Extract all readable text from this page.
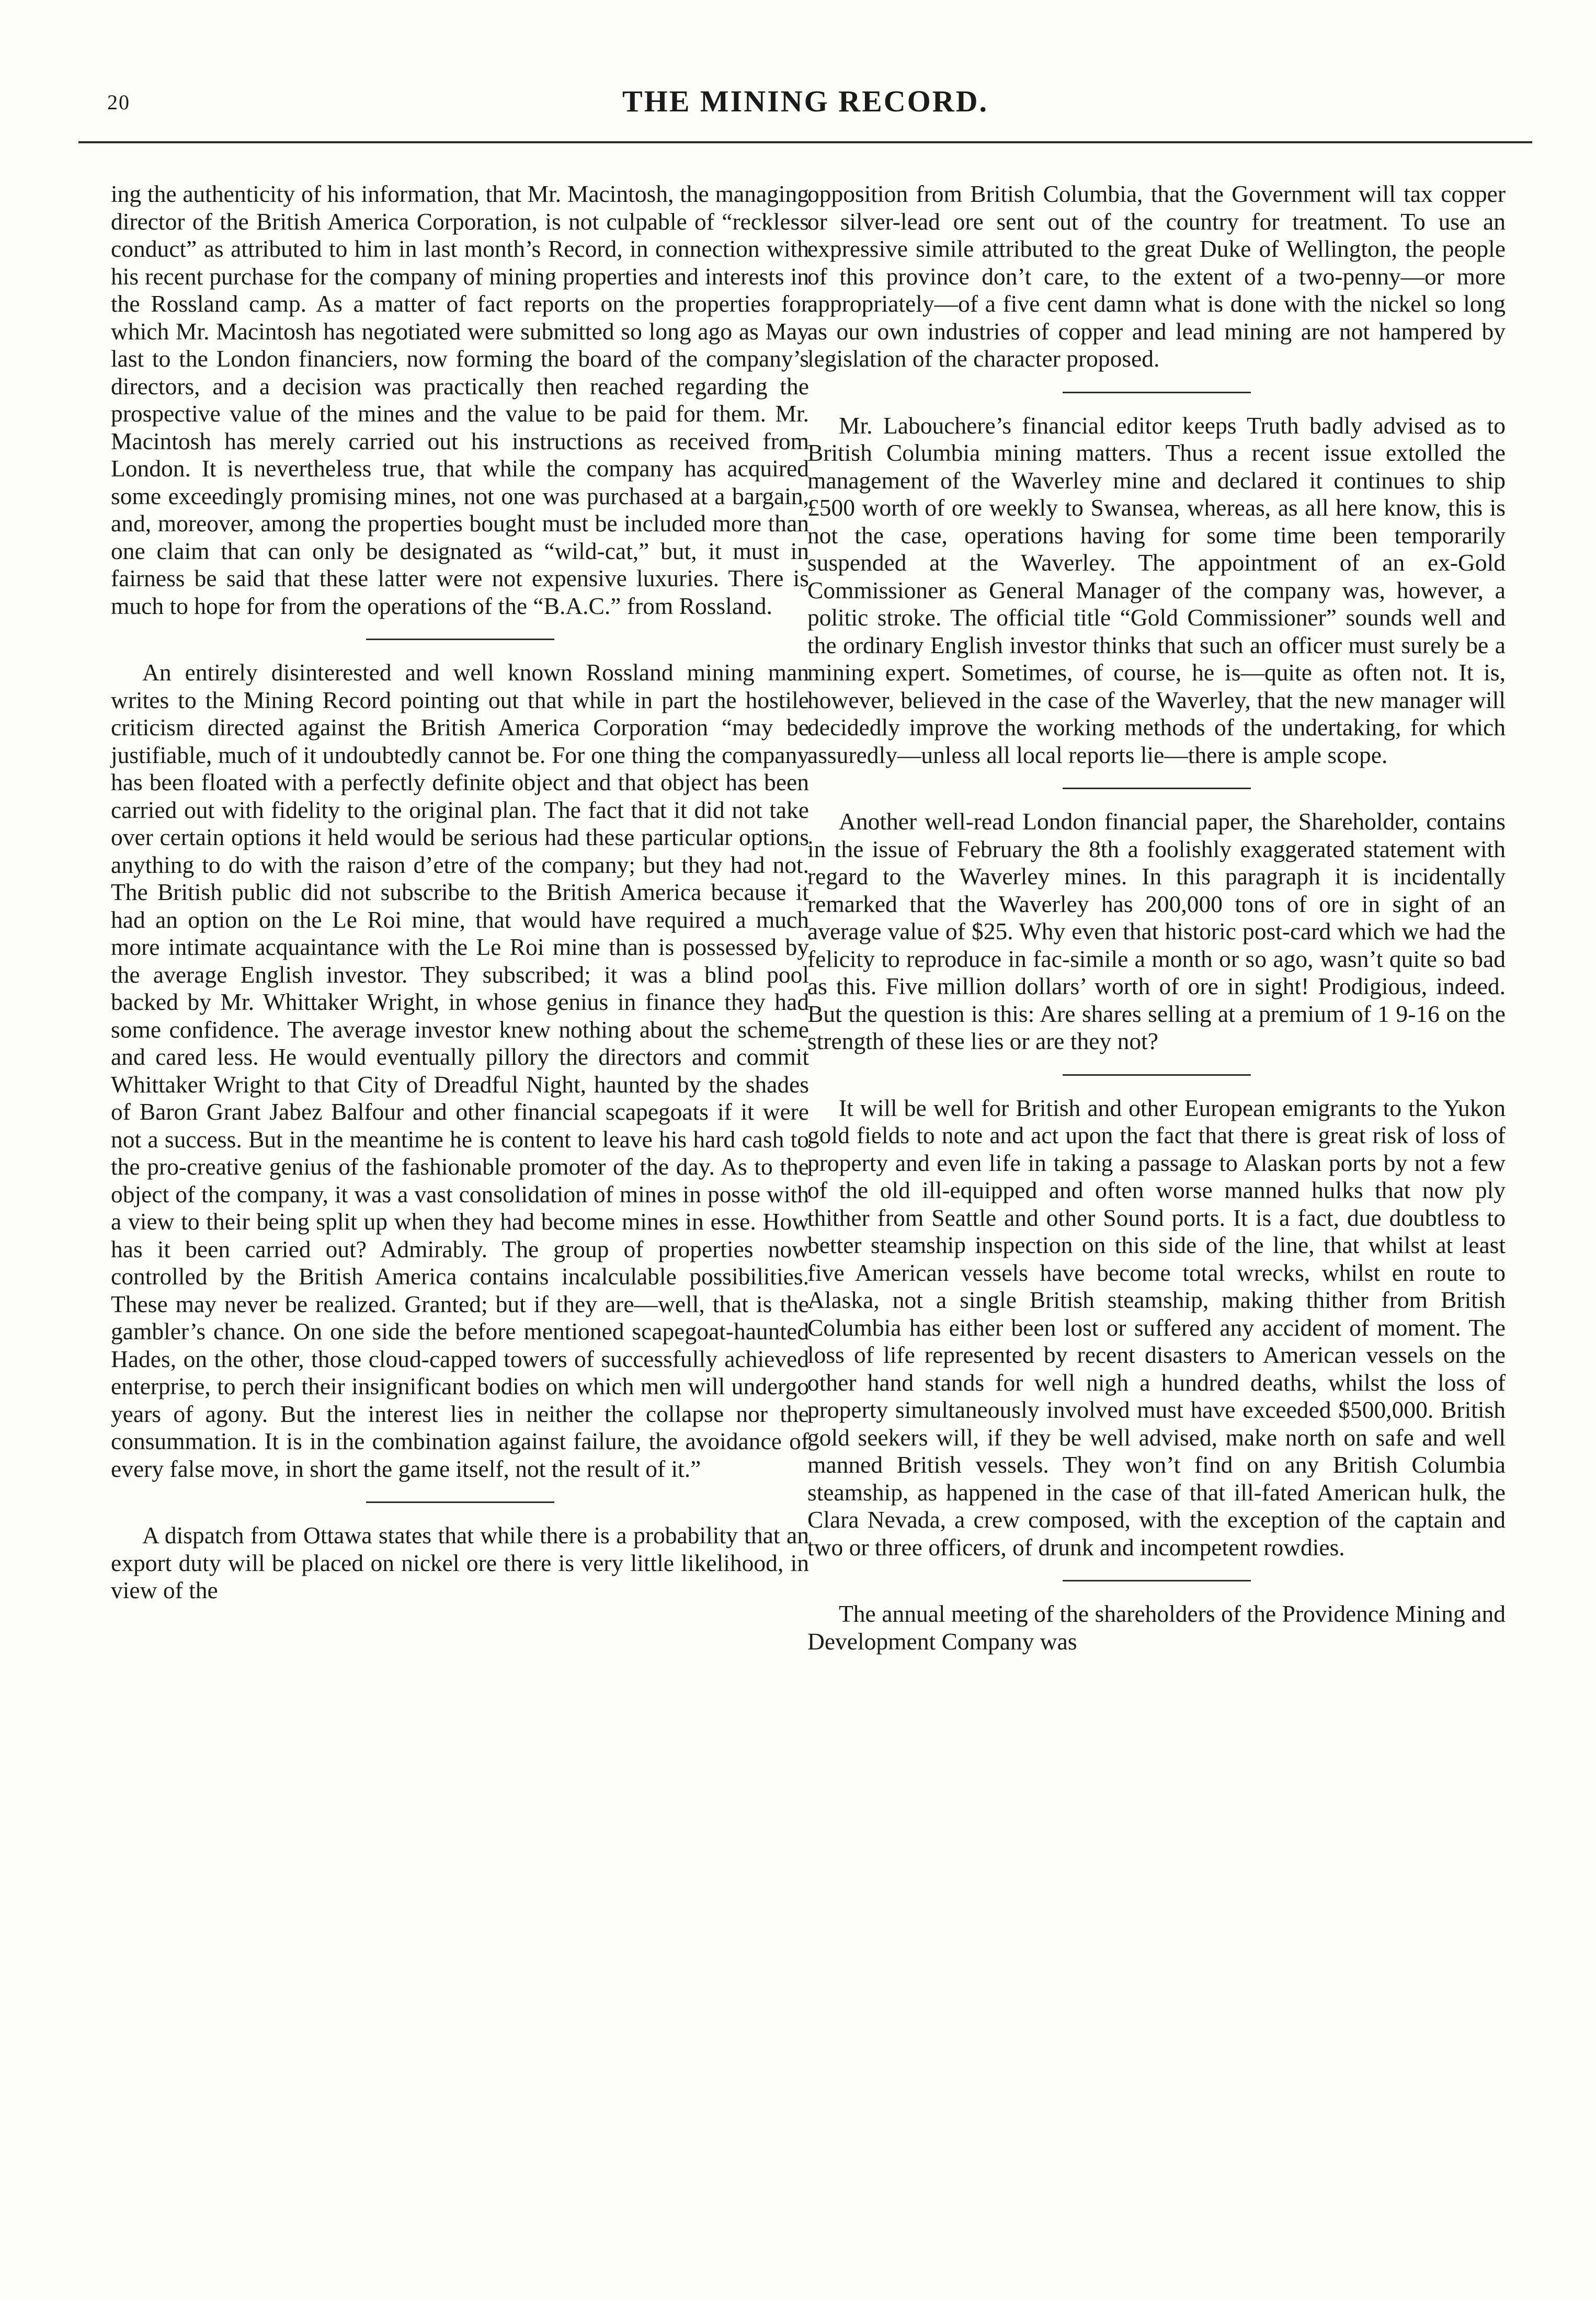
20	THE MINING RECORD.

ing the authenticity of his information, that Mr. Macintosh, the managing director of the British America Corporation, is not culpable of “reckless conduct” as attributed to him in last month’s Record, in connection with his recent purchase for the company of mining properties and interests in the Rossland camp. As a matter of fact reports on the properties for which Mr. Macintosh has negotiated were submitted so long ago as May last to the London financiers, now forming the board of the company’s directors, and a decision was practically then reached regarding the prospective value of the mines and the value to be paid for them. Mr. Macintosh has merely carried out his instructions as received from London. It is nevertheless true, that while the company has acquired some exceedingly promising mines, not one was purchased at a bargain, and, moreover, among the properties bought must be included more than one claim that can only be designated as “wild-cat,” but, it must in fairness be said that these latter were not expensive luxuries. There is much to hope for from the operations of the “B.A.C.” from Rossland.

An entirely disinterested and well known Rossland mining man writes to the Mining Record pointing out that while in part the hostile criticism directed against the British America Corporation “may be justifiable, much of it undoubtedly cannot be. For one thing the company has been floated with a perfectly definite object and that object has been carried out with fidelity to the original plan. The fact that it did not take over certain options it held would be serious had these particular options anything to do with the raison d’etre of the company; but they had not. The British public did not subscribe to the British America because it had an option on the Le Roi mine, that would have required a much more intimate acquaintance with the Le Roi mine than is possessed by the average English investor. They subscribed; it was a blind pool backed by Mr. Whittaker Wright, in whose genius in finance they had some confidence. The average investor knew nothing about the scheme and cared less. He would eventually pillory the directors and commit Whittaker Wright to that City of Dreadful Night, haunted by the shades of Baron Grant Jabez Balfour and other financial scapegoats if it were not a success. But in the meantime he is content to leave his hard cash to the pro-creative genius of the fashionable promoter of the day. As to the object of the company, it was a vast consolidation of mines in posse with a view to their being split up when they had become mines in esse. How has it been carried out? Admirably. The group of properties now controlled by the British America contains incalculable possibilities. These may never be realized. Granted; but if they are—well, that is the gambler’s chance. On one side the before mentioned scapegoat-haunted Hades, on the other, those cloud-capped towers of successfully achieved enterprise, to perch their insignificant bodies on which men will undergo years of agony. But the interest lies in neither the collapse nor the consummation. It is in the combination against failure, the avoidance of every false move, in short the game itself, not the result of it.”

A dispatch from Ottawa states that while there is a probability that an export duty will be placed on nickel ore there is very little likelihood, in view of the

opposition from British Columbia, that the Government will tax copper or silver-lead ore sent out of the country for treatment. To use an expressive simile attributed to the great Duke of Wellington, the people of this province don’t care, to the extent of a two-penny—or more appropriately—of a five cent damn what is done with the nickel so long as our own industries of copper and lead mining are not hampered by legislation of the character proposed.

Mr. Labouchere’s financial editor keeps Truth badly advised as to British Columbia mining matters. Thus a recent issue extolled the management of the Waverley mine and declared it continues to ship £500 worth of ore weekly to Swansea, whereas, as all here know, this is not the case, operations having for some time been temporarily suspended at the Waverley. The appointment of an ex-Gold Commissioner as General Manager of the company was, however, a politic stroke. The official title “Gold Commissioner” sounds well and the ordinary English investor thinks that such an officer must surely be a mining expert. Sometimes, of course, he is—quite as often not. It is, however, believed in the case of the Waverley, that the new manager will decidedly improve the working methods of the undertaking, for which assuredly—unless all local reports lie—there is ample scope.

Another well-read London financial paper, the Shareholder, contains in the issue of February the 8th a foolishly exaggerated statement with regard to the Waverley mines. In this paragraph it is incidentally remarked that the Waverley has 200,000 tons of ore in sight of an average value of $25. Why even that historic post-card which we had the felicity to reproduce in fac-simile a month or so ago, wasn’t quite so bad as this. Five million dollars’ worth of ore in sight! Prodigious, indeed. But the question is this: Are shares selling at a premium of 1 9-16 on the strength of these lies or are they not?

It will be well for British and other European emigrants to the Yukon gold fields to note and act upon the fact that there is great risk of loss of property and even life in taking a passage to Alaskan ports by not a few of the old ill-equipped and often worse manned hulks that now ply thither from Seattle and other Sound ports. It is a fact, due doubtless to better steamship inspection on this side of the line, that whilst at least five American vessels have become total wrecks, whilst en route to Alaska, not a single British steamship, making thither from British Columbia has either been lost or suffered any accident of moment. The loss of life represented by recent disasters to American vessels on the other hand stands for well nigh a hundred deaths, whilst the loss of property simultaneously involved must have exceeded $500,000. British gold seekers will, if they be well advised, make north on safe and well manned British vessels. They won’t find on any British Columbia steamship, as happened in the case of that ill-fated American hulk, the Clara Nevada, a crew composed, with the exception of the captain and two or three officers, of drunk and incompetent rowdies.

The annual meeting of the shareholders of the Providence Mining and Development Company was
